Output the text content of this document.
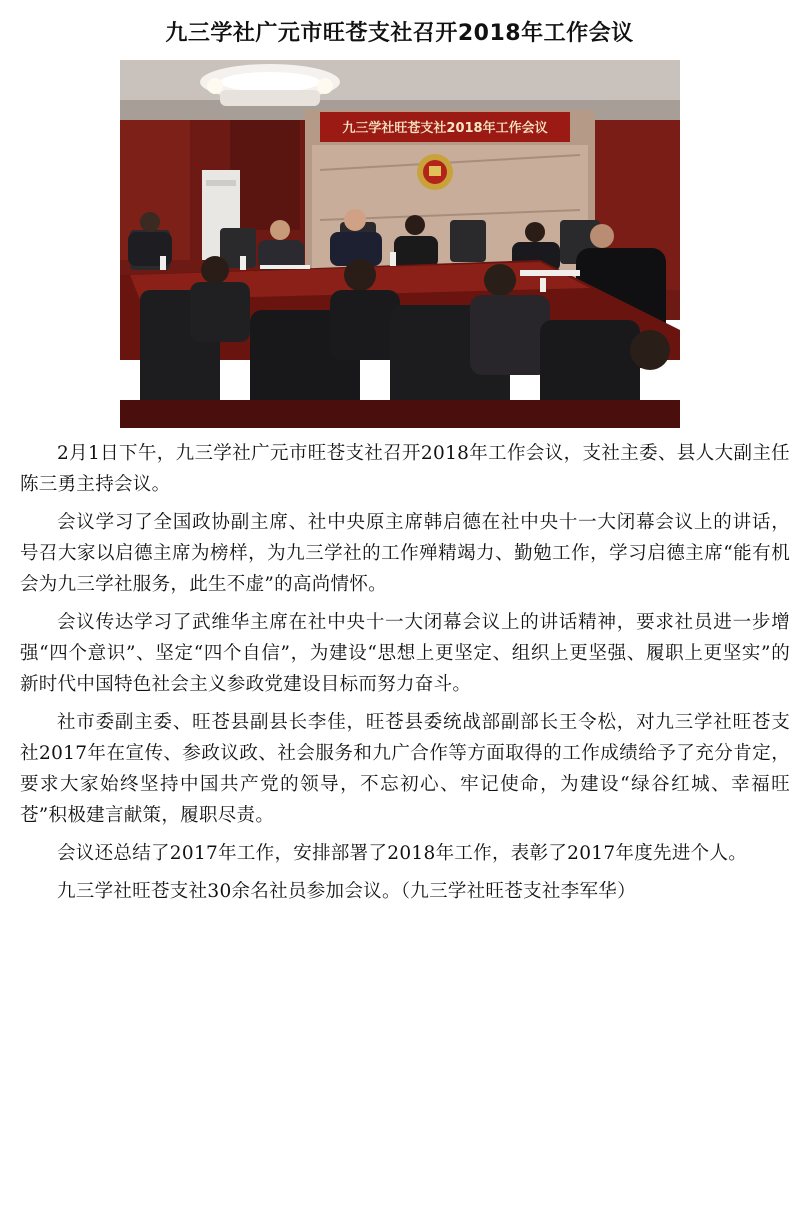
九三学社广元市旺苍支社召开2018年工作会议
九三学社旺苍支社2018年工作会议

2月1日下午，九三学社广元市旺苍支社召开2018年工作会议，支社主委、县人大副主任陈三勇主持会议。

会议学习了全国政协副主席、社中央原主席韩启德在社中央十一大闭幕会议上的讲话，号召大家以启德主席为榜样，为九三学社的工作殚精竭力、勤勉工作，学习启德主席“能有机会为九三学社服务，此生不虚”的高尚情怀。

会议传达学习了武维华主席在社中央十一大闭幕会议上的讲话精神，要求社员进一步增强“四个意识”、坚定“四个自信”，为建设“思想上更坚定、组织上更坚强、履职上更坚实”的新时代中国特色社会主义参政党建设目标而努力奋斗。

社市委副主委、旺苍县副县长李佳，旺苍县委统战部副部长王令松，对九三学社旺苍支社2017年在宣传、参政议政、社会服务和九广合作等方面取得的工作成绩给予了充分肯定，要求大家始终坚持中国共产党的领导，不忘初心、牢记使命，为建设“绿谷红城、幸福旺苍”积极建言献策，履职尽责。

会议还总结了2017年工作，安排部署了2018年工作，表彰了2017年度先进个人。

九三学社旺苍支社30余名社员参加会议。（九三学社旺苍支社李军华）
